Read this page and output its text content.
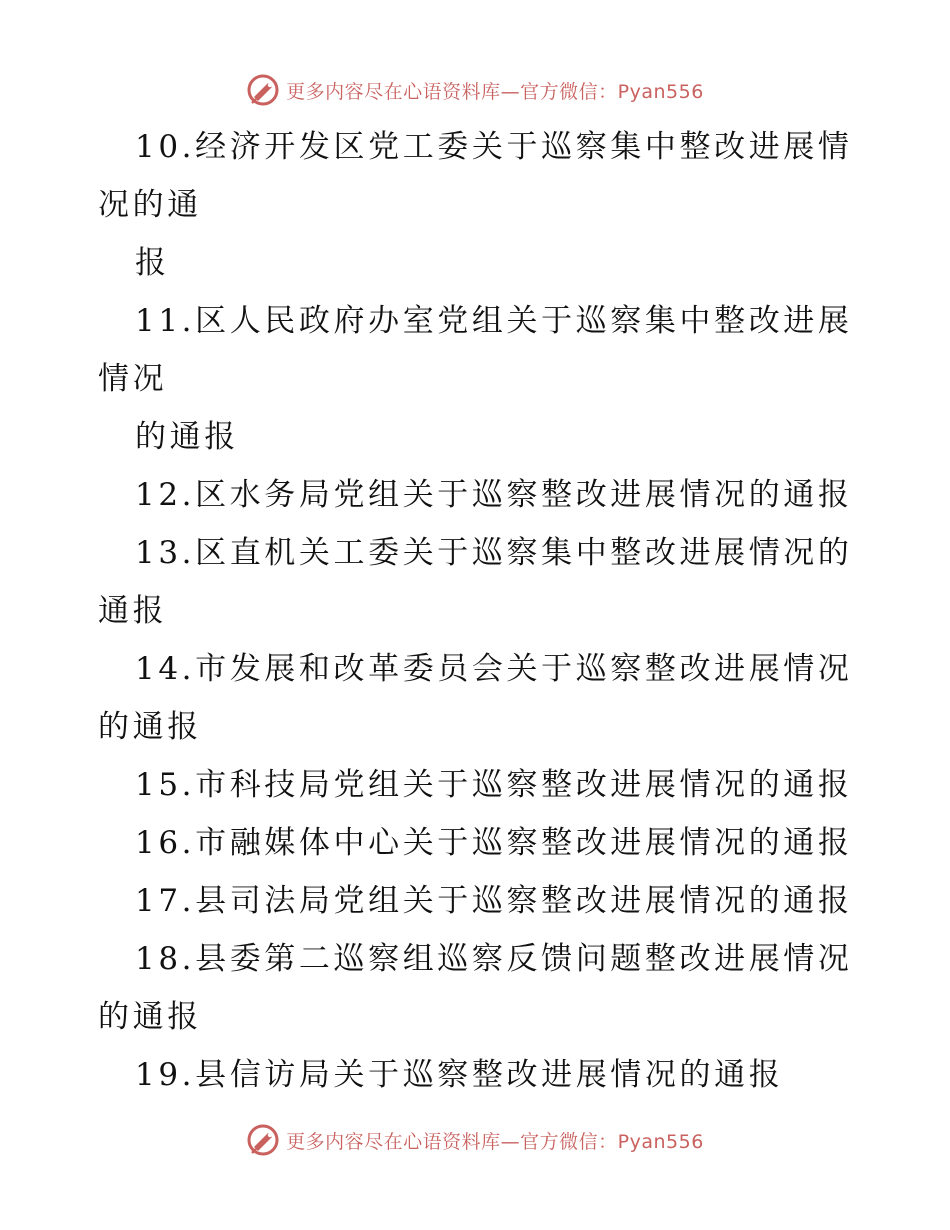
更多内容尽在心语资料库—官方微信：Pyan556
10.经济开发区党工委关于巡察集中整改进展情
况的通
报
11.区人民政府办室党组关于巡察集中整改进展
情况
的通报
12.区水务局党组关于巡察整改进展情况的通报
13.区直机关工委关于巡察集中整改进展情况的
通报
14.市发展和改革委员会关于巡察整改进展情况
的通报
15.市科技局党组关于巡察整改进展情况的通报
16.市融媒体中心关于巡察整改进展情况的通报
17.县司法局党组关于巡察整改进展情况的通报
18.县委第二巡察组巡察反馈问题整改进展情况
的通报
19.县信访局关于巡察整改进展情况的通报
更多内容尽在心语资料库—官方微信：Pyan556
